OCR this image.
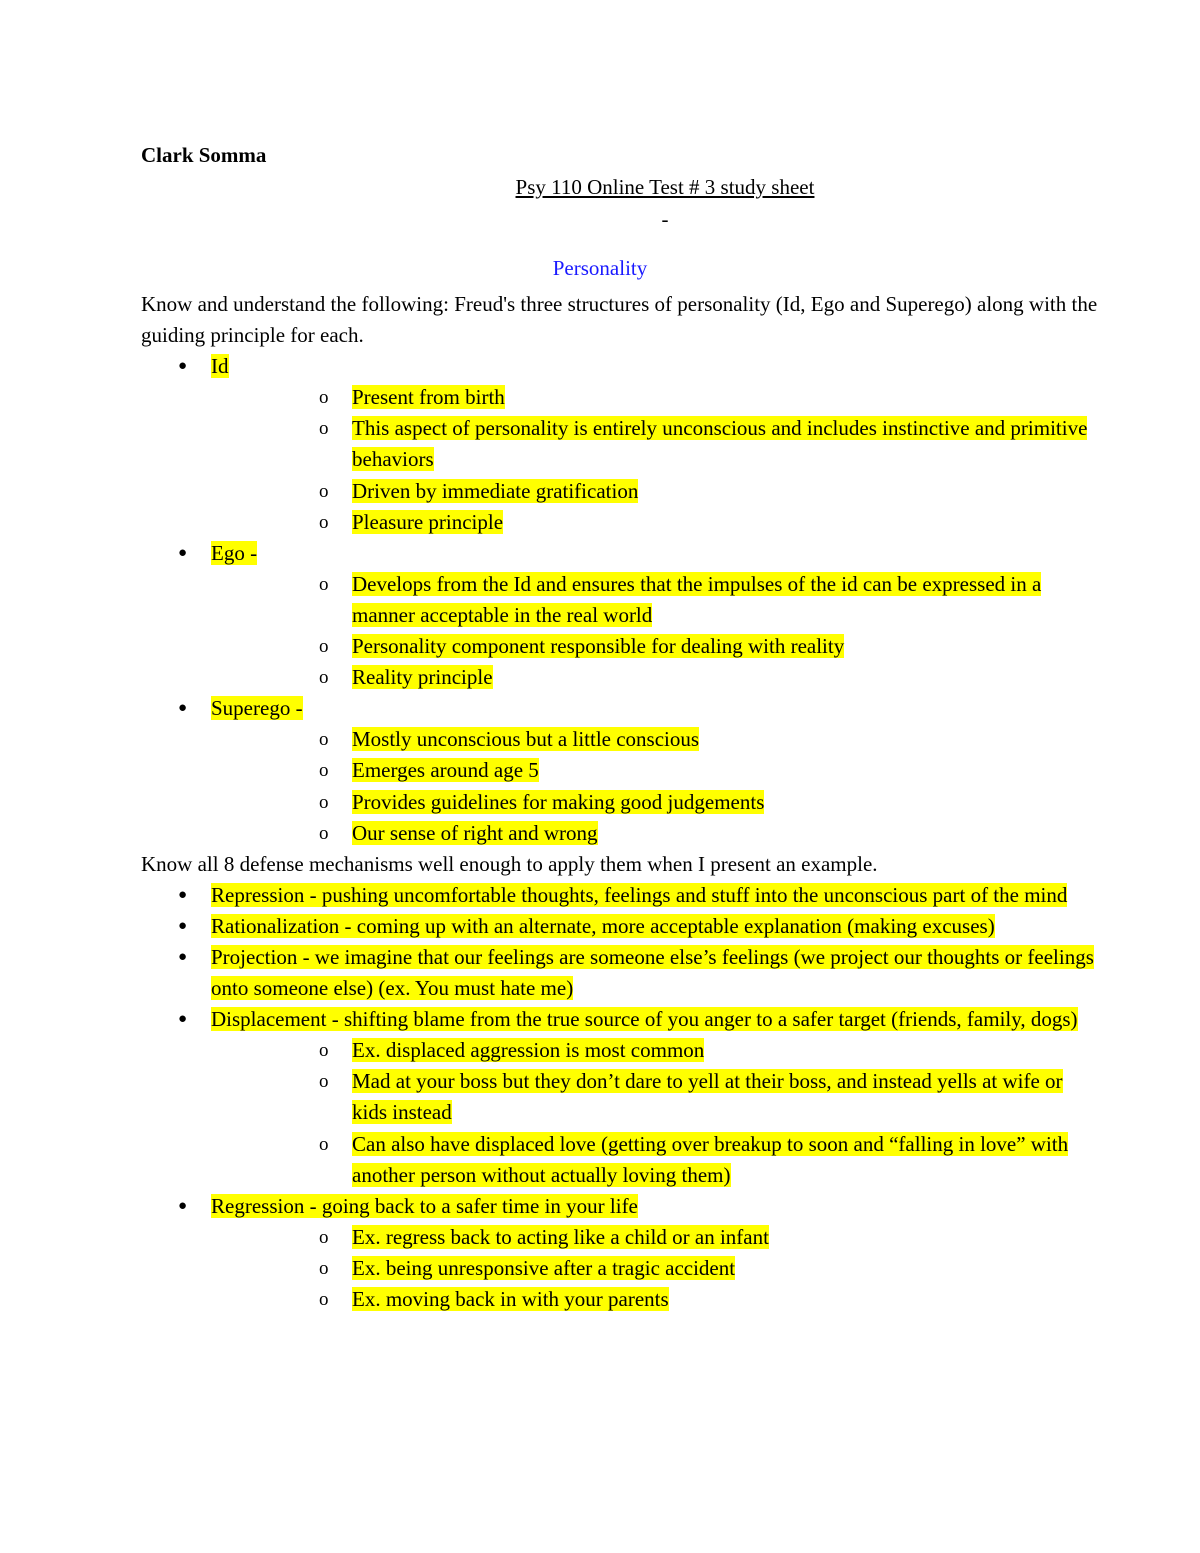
Clark Somma
Psy 110 Online Test # 3 study sheet
-
Personality

Know and understand the following: Freud's three structures of personality (Id, Ego and Superego) along with the guiding principle for each.

●
Id
o
Present from birth
o
This aspect of personality is entirely unconscious and includes instinctive and primitive behaviors
o
Driven by immediate gratification
o
Pleasure principle
●
Ego -
o
Develops from the Id and ensures that the impulses of the id can be expressed in a manner acceptable in the real world
o
Personality component responsible for dealing with reality
o
Reality principle
●
Superego -
o
Mostly unconscious but a little conscious
o
Emerges around age 5
o
Provides guidelines for making good judgements
o
Our sense of right and wrong

Know all 8 defense mechanisms well enough to apply them when I present an example.

●
Repression - pushing uncomfortable thoughts, feelings and stuff into the unconscious part of the mind
●
Rationalization - coming up with an alternate, more acceptable explanation (making excuses)
●
Projection - we imagine that our feelings are someone else’s feelings (we project our thoughts or feelings onto someone else) (ex. You must hate me)
●
Displacement - shifting blame from the true source of you anger to a safer target (friends, family, dogs)
o
Ex. displaced aggression is most common
o
Mad at your boss but they don’t dare to yell at their boss, and instead yells at wife or kids instead
o
Can also have displaced love (getting over breakup to soon and “falling in love” with another person without actually loving them)
●
Regression - going back to a safer time in your life
o
Ex. regress back to acting like a child or an infant
o
Ex. being unresponsive after a tragic accident
o
Ex. moving back in with your parents
